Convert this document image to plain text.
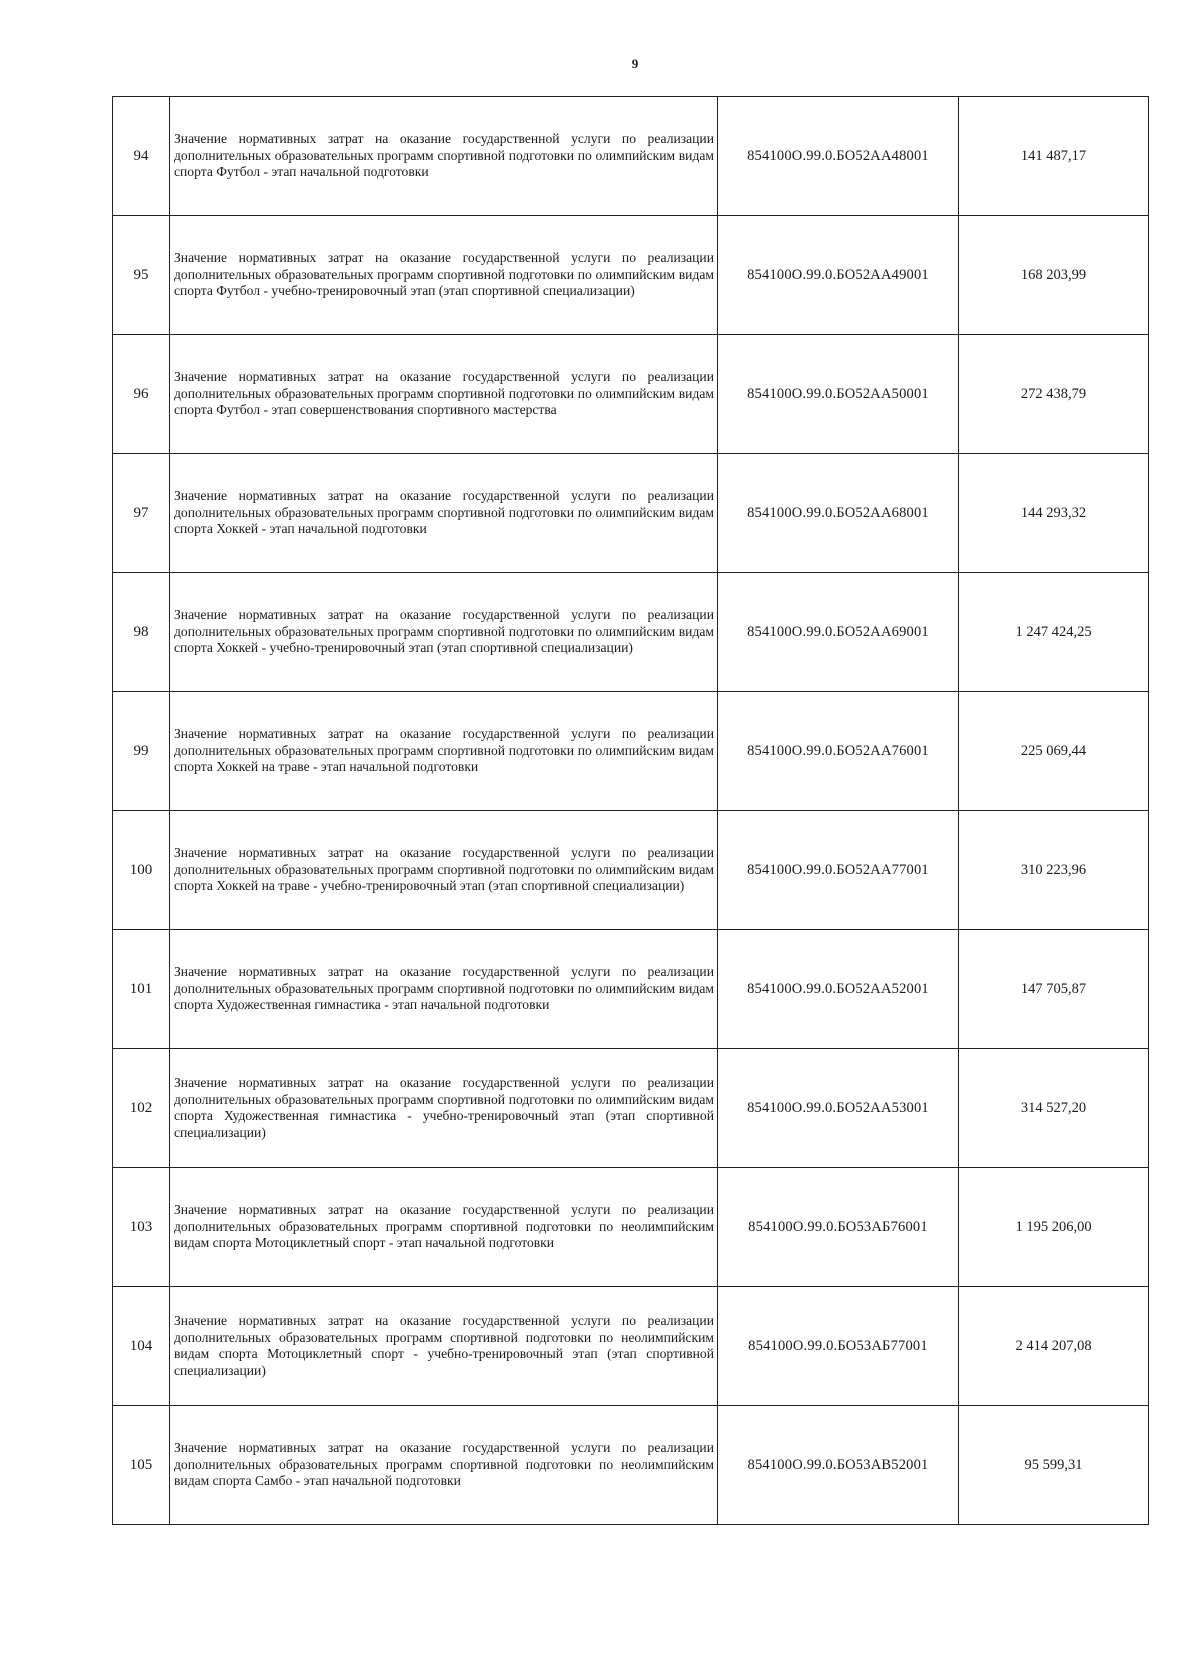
9
94	Значение нормативных затрат на оказание государственной услуги по реализации дополнительных образовательных программ спортивной подготовки по олимпийским видам спорта Футбол - этап начальной подготовки	854100О.99.0.БО52АА48001	141 487,17
95	Значение нормативных затрат на оказание государственной услуги по реализации дополнительных образовательных программ спортивной подготовки по олимпийским видам спорта Футбол - учебно-тренировочный этап (этап спортивной специализации)	854100О.99.0.БО52АА49001	168 203,99
96	Значение нормативных затрат на оказание государственной услуги по реализации дополнительных образовательных программ спортивной подготовки по олимпийским видам спорта Футбол - этап совершенствования спортивного мастерства	854100О.99.0.БО52АА50001	272 438,79
97	Значение нормативных затрат на оказание государственной услуги по реализации дополнительных образовательных программ спортивной подготовки по олимпийским видам спорта Хоккей - этап начальной подготовки	854100О.99.0.БО52АА68001	144 293,32
98	Значение нормативных затрат на оказание государственной услуги по реализации дополнительных образовательных программ спортивной подготовки по олимпийским видам спорта Хоккей - учебно-тренировочный этап (этап спортивной специализации)	854100О.99.0.БО52АА69001	1 247 424,25
99	Значение нормативных затрат на оказание государственной услуги по реализации дополнительных образовательных программ спортивной подготовки по олимпийским видам спорта Хоккей на траве - этап начальной подготовки	854100О.99.0.БО52АА76001	225 069,44
100	Значение нормативных затрат на оказание государственной услуги по реализации дополнительных образовательных программ спортивной подготовки по олимпийским видам спорта Хоккей на траве - учебно-тренировочный этап (этап спортивной специализации)	854100О.99.0.БО52АА77001	310 223,96
101	Значение нормативных затрат на оказание государственной услуги по реализации дополнительных образовательных программ спортивной подготовки по олимпийским видам спорта Художественная гимнастика - этап начальной подготовки	854100О.99.0.БО52АА52001	147 705,87
102	Значение нормативных затрат на оказание государственной услуги по реализации дополнительных образовательных программ спортивной подготовки по олимпийским видам спорта Художественная гимнастика - учебно-тренировочный этап (этап спортивной специализации)	854100О.99.0.БО52АА53001	314 527,20
103	Значение нормативных затрат на оказание государственной услуги по реализации дополнительных образовательных программ спортивной подготовки по неолимпийским видам спорта Мотоциклетный спорт - этап начальной подготовки	854100О.99.0.БО53АБ76001	1 195 206,00
104	Значение нормативных затрат на оказание государственной услуги по реализации дополнительных образовательных программ спортивной подготовки по неолимпийским видам спорта Мотоциклетный спорт - учебно-тренировочный этап (этап спортивной специализации)	854100О.99.0.БО53АБ77001	2 414 207,08
105	Значение нормативных затрат на оказание государственной услуги по реализации дополнительных образовательных программ спортивной подготовки по неолимпийским видам спорта Самбо - этап начальной подготовки	854100О.99.0.БО53АВ52001	95 599,31
